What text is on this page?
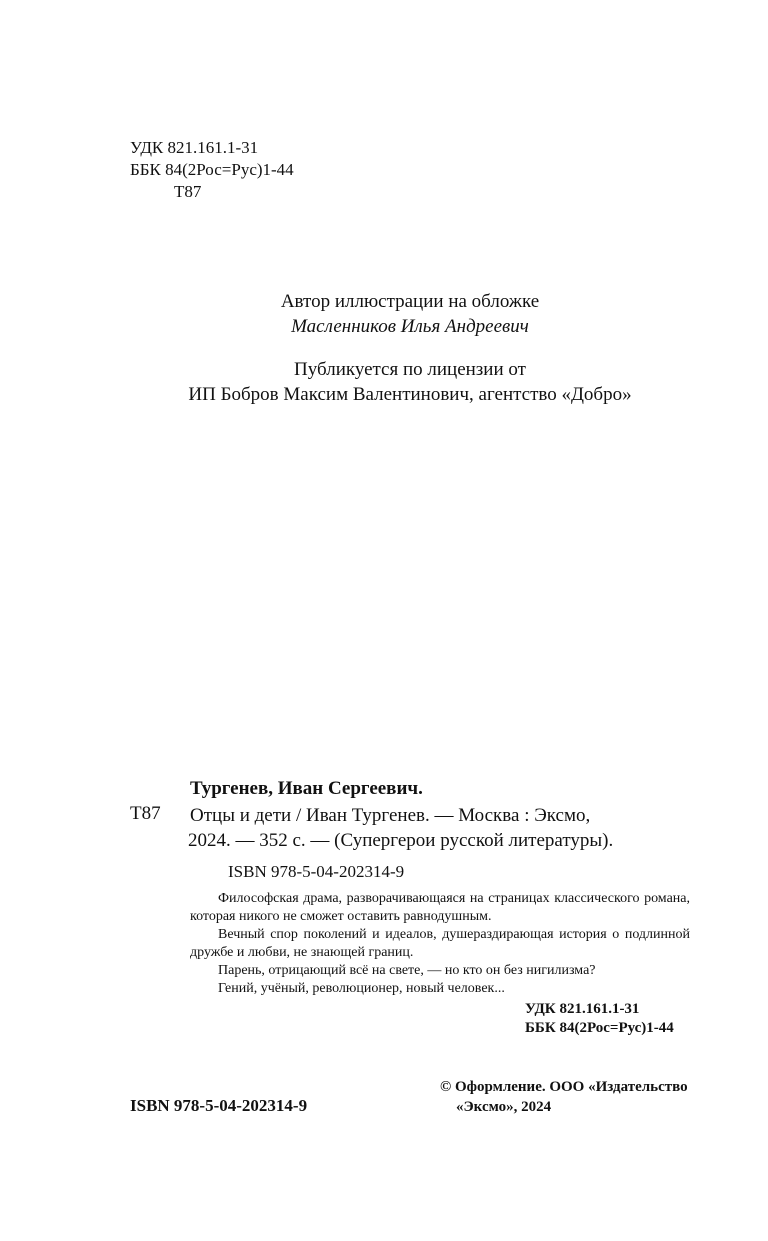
УДК 821.161.1-31
ББК 84(2Рос=Рус)1-44
Т87
Автор иллюстрации на обложке
Масленников Илья Андреевич
Публикуется по лицензии от
ИП Бобров Максим Валентинович, агентство «Добро»
Тургенев, Иван Сергеевич.
Т87 Отцы и дети / Иван Тургенев. — Москва : Эксмо,
2024. — 352 с. — (Супергерои русской литературы).
ISBN 978-5-04-202314-9

Философская драма, разворачивающаяся на страницах классического романа, которая никого не сможет оставить равнодушным.

Вечный спор поколений и идеалов, душераздирающая история о подлинной дружбе и любви, не знающей границ.

Парень, отрицающий всё на свете, — но кто он без нигилизма?

Гений, учёный, революционер, новый человек...

УДК 821.161.1-31
ББК 84(2Рос=Рус)1-44
© Оформление. ООО «Издательство
«Эксмо», 2024
ISBN 978-5-04-202314-9
